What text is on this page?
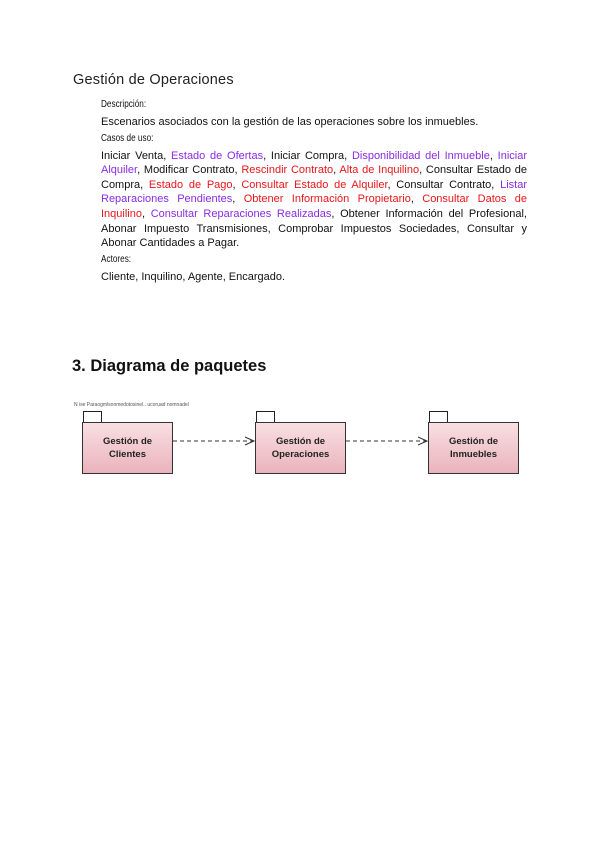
Gestión de Operaciones
Descripción:
Escenarios asociados con la gestión de las operaciones sobre los inmuebles.
Casos de uso:
Iniciar Venta, Estado de Ofertas, Iniciar Compra, Disponibilidad del Inmueble, Iniciar Alquiler, Modificar Contrato, Rescindir Contrato, Alta de Inquilino, Consultar Estado de Compra, Estado de Pago, Consultar Estado de Alquiler, Consultar Contrato, Listar Reparaciones Pendientes, Obtener Información Propietario, Consultar Datos de Inquilino, Consultar Reparaciones Realizadas, Obtener Información del Profesional, Abonar Impuesto Transmisiones, Comprobar Impuestos Sociedades, Consultar y Abonar Cantidades a Pagar.
Actores:
Cliente, Inquilino, Agente, Encargado.
3. Diagrama de paquetes
N ise Paraogmlsonmedotosinel.. ucoruad nomnadel
Gestión de
Clientes
Gestión de
Operaciones
Gestión de
Inmuebles
